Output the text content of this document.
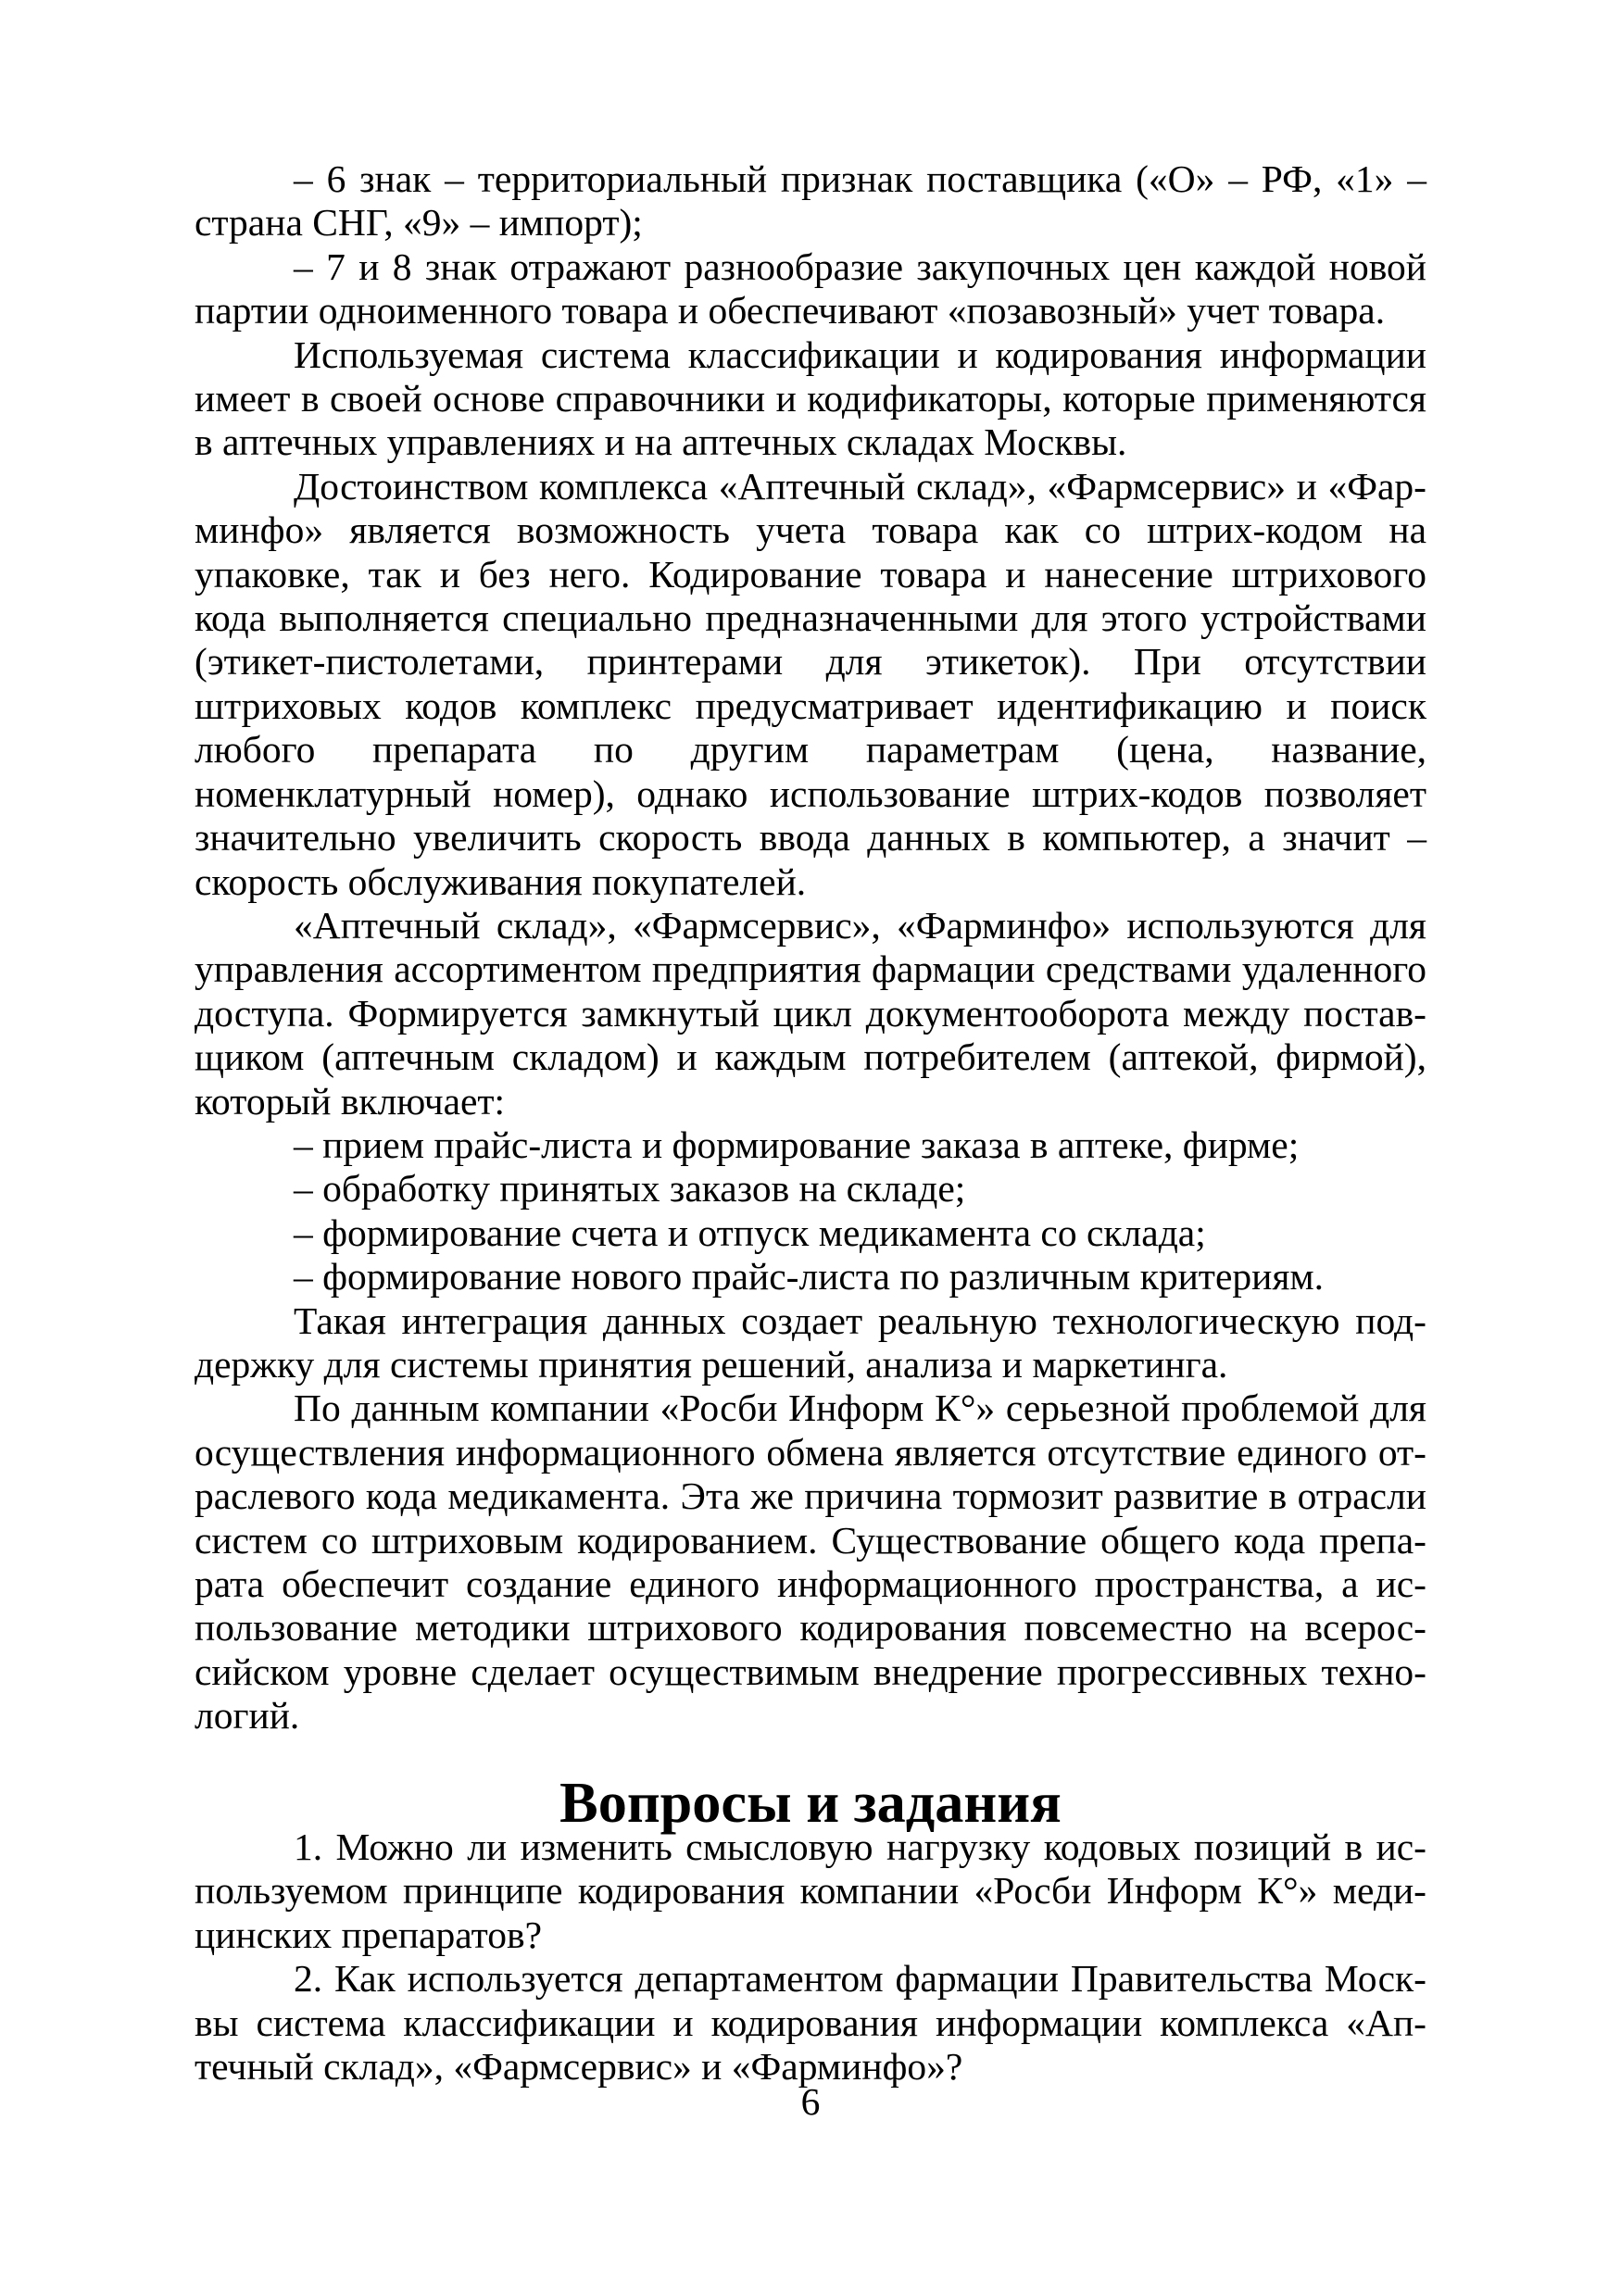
– 6 знак – территориальный признак поставщика («О» – РФ, «1» – страна СНГ, «9» – импорт);

– 7 и 8 знак отражают разнообразие закупочных цен каждой новой партии одноименного товара и обеспечивают «позавозный» учет товара.

Используемая система классификации и кодирования информации имеет в своей основе справочники и кодификаторы, которые применяются в аптечных управлениях и на аптечных складах Москвы.

Достоинством комплекса «Аптечный склад», «Фармсервис» и «Фарминфо» является возможность учета товара как со штрих-кодом на упаковке, так и без него. Кодирование товара и нанесение штрихового кода выполняется специально предназначенными для этого устройствами (этикет-пистолетами, принтерами для этикеток). При отсутствии штриховых кодов комплекс предусматривает идентификацию и поиск любого препарата по другим параметрам (цена, название, номенклатурный номер), однако использование штрих-кодов позволяет значительно увеличить скорость ввода данных в компьютер, а значит – скорость обслуживания покупателей.

«Аптечный склад», «Фармсервис», «Фарминфо» используются для управления ассортиментом предприятия фармации средствами удаленного доступа. Формируется замкнутый цикл документооборота между поставщиком (аптечным складом) и каждым потребителем (аптекой, фирмой), который включает:

– прием прайс-листа и формирование заказа в аптеке, фирме;

– обработку принятых заказов на складе;

– формирование счета и отпуск медикамента со склада;

– формирование нового прайс-листа по различным критериям.

Такая интеграция данных создает реальную технологическую поддержку для системы принятия решений, анализа и маркетинга.

По данным компании «Росби Информ К°» серьезной проблемой для осуществления информационного обмена является отсутствие единого отраслевого кода медикамента. Эта же причина тормозит развитие в отрасли систем со штриховым кодированием. Существование общего кода препарата обеспечит создание единого информационного пространства, а использование методики штрихового кодирования повсеместно на всероссийском уровне сделает осуществимым внедрение прогрессивных технологий.

Вопросы и задания

1. Можно ли изменить смысловую нагрузку кодовых позиций в используемом принципе кодирования компании «Росби Информ К°» медицинских препаратов?

2. Как используется департаментом фармации Правительства Москвы система классификации и кодирования информации комплекса «Аптечный склад», «Фармсервис» и «Фарминфо»?

6
